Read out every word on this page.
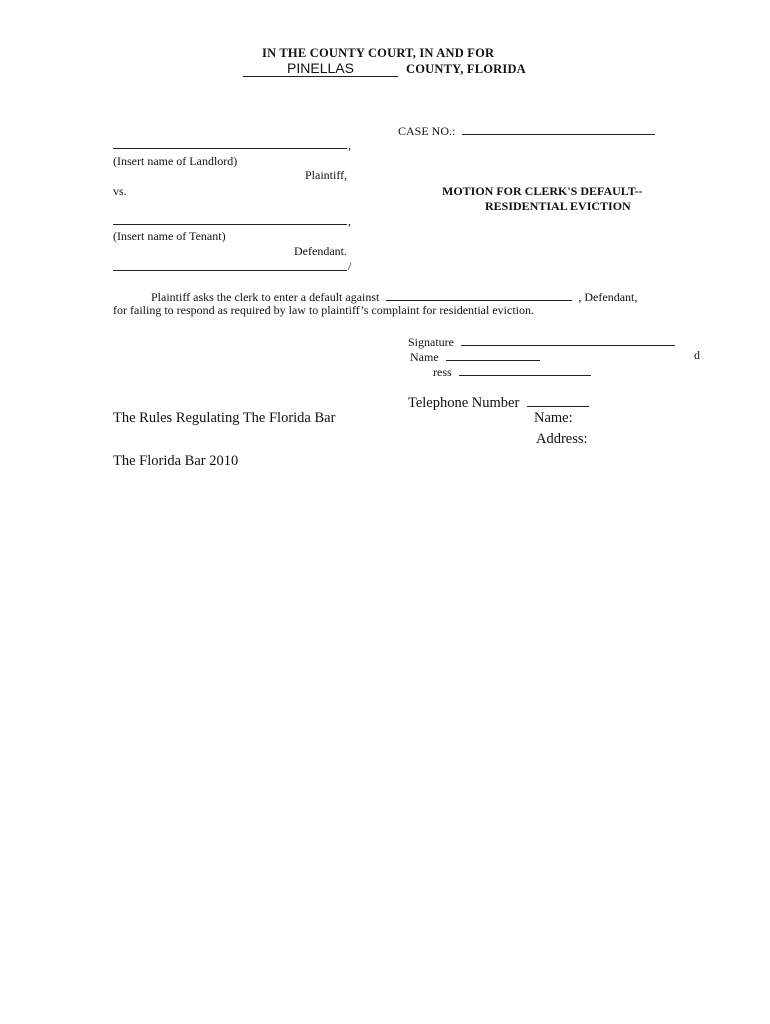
IN THE COUNTY COURT, IN AND FOR
PINELLAS	COUNTY, FLORIDA
CASE NO.:
,
(Insert name of Landlord)
Plaintiff,
vs.	MOTION FOR CLERK'S DEFAULT--
RESIDENTIAL EVICTION
,
(Insert name of Tenant)
Defendant.
/
Plaintiff asks the clerk to enter a default against	, Defendant,
for failing to respond as required by law to plaintiff’s complaint for residential eviction.
Signature
Name	d
ress
Telephone Number
Name:
Address:
The Rules Regulating The Florida Bar
The Florida Bar 2010
